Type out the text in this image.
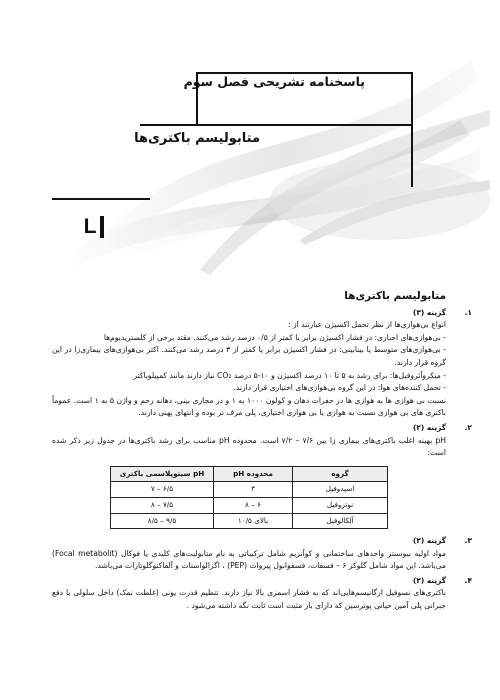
پاسخنامه تشریحی فصل سوم
متابولیسم باکتری‌ها
L
متابولیسم باکتری‌ها
۱.

گزینه (۳)

انواع بی‌هوازی‌ها از نظر تحمل اکسیژن عبارتند از :

- بی‌هوازی‌های اجباری: در فشار اکسیژن برابر یا کمتر از ۰/۵ درصد رشد می‌کنند. مقتد برخی از کلستریدیوم‌ها

- بی‌هوازی‌های متوسط یا بینابینی: در فشار اکسیژن برابر یا کمتر از ۳ درصد رشد می‌کنند. اکثر بی‌هوازی‌های بیماری‌زا در این گروه قرار دارند.

- میکروآئروفیل‌ها: برای رشد به ۵ تا ۱۰ درصد اکسیژن و ۱۰-۵ درصد CO₂ نیاز دارند مانند کمپیلوباکتر

- تحمل کننده‌های هوا: در این گروه بی‌هوازی‌های اختیاری قرار دارند.

نسبت بی هوازی ها به هوازی ها در حفرات دهان و کولون ۱۰۰۰ به ۱ و در مجاری بینی، دهانه رحم و واژن ۵ به ۱ است. عموماً باکتری های بی هوازی نسبت به هوازی یا بی هوازی اختیاری، پلی مرف تر بوده و انتهای پهنی دارند.

۲.

گزینه (۲)

pH بهینه اغلب باکتری‌های بیماری زا بین ۷/۶ – ۷/۲ است. محدوده pH مناسب برای رشد باکتری‌ها در جدول زیر ذکر شده است:

گروه	محدوده pH	pH سیتوپلاسمی باکتری
اسیدوفیل	۳	۶/۵ – ۷
نوتروفیل	۶ – ۸	۷/۵ – ۸
آلکالوفیل	بالای ۱۰/۵	۹/۵ – ۸/۵
۳.

گزینه (۲)

مواد اولیه بیوسنتز واحدهای ساختمانی و کوآنزیم شامل ترکیباتی به نام متابولیت‌های کلیدی یا فوکال (Focal metabolit) می‌باشد. این مواد شامل گلوکز ۶ – فسفات، فسفوانول پیروات (PEP) ، اگزالواستات و آلفاکتوگلوتارات می‌باشد.

۴.

گزینه (۲)

باکتری‌های نسوفیل ارگانیسم‌هایی‌اند که به فشار اسمزی بالا نیاز دارند. تنظیم قدرت یونی (غلظت نمک) داخل سلولی با دفع جبرانی پلی آمین حیاتی پوترسین که دارای بار مثبت است ثابت نگه داشته می‌شود .
